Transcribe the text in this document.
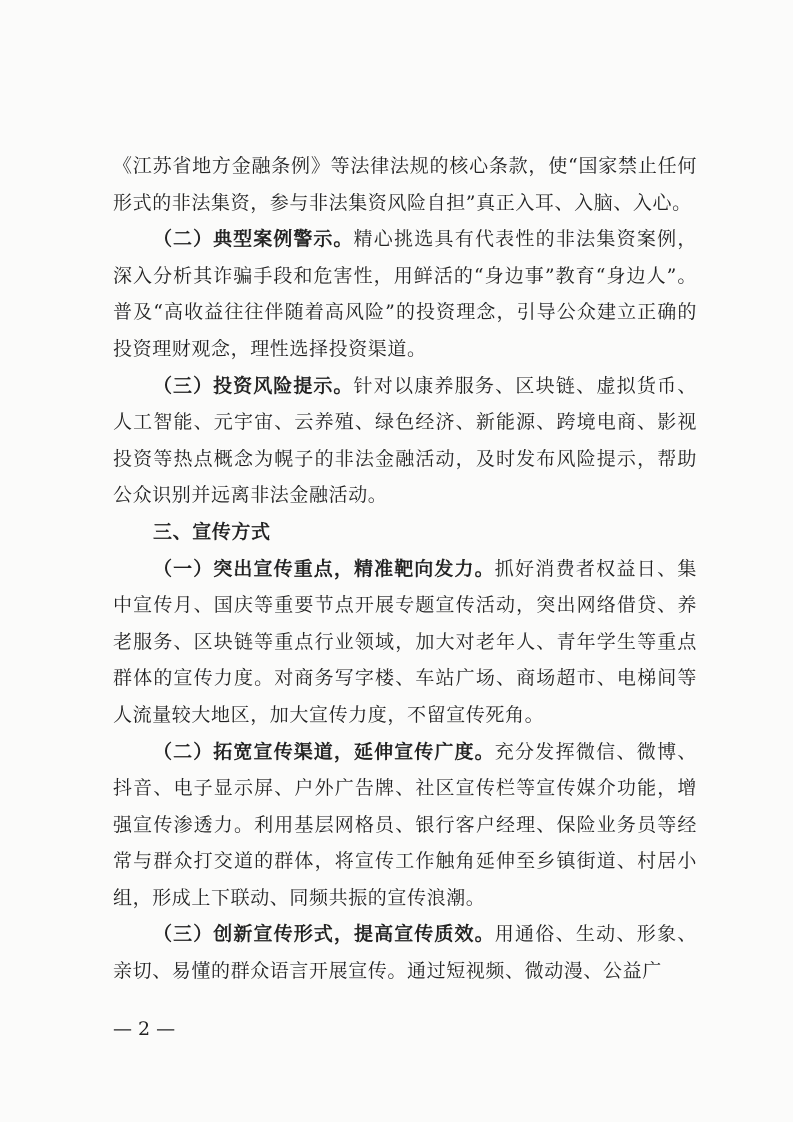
《江苏省地方金融条例》等法律法规的核心条款，使“国家禁止任何形式的非法集资，参与非法集资风险自担”真正入耳、入脑、入心。

（二）典型案例警示。精心挑选具有代表性的非法集资案例，深入分析其诈骗手段和危害性，用鲜活的“身边事”教育“身边人”。普及“高收益往往伴随着高风险”的投资理念，引导公众建立正确的投资理财观念，理性选择投资渠道。

（三）投资风险提示。针对以康养服务、区块链、虚拟货币、人工智能、元宇宙、云养殖、绿色经济、新能源、跨境电商、影视投资等热点概念为幌子的非法金融活动，及时发布风险提示，帮助公众识别并远离非法金融活动。

三、宣传方式

（一）突出宣传重点，精准靶向发力。抓好消费者权益日、集中宣传月、国庆等重要节点开展专题宣传活动，突出网络借贷、养老服务、区块链等重点行业领域，加大对老年人、青年学生等重点群体的宣传力度。对商务写字楼、车站广场、商场超市、电梯间等人流量较大地区，加大宣传力度，不留宣传死角。

（二）拓宽宣传渠道，延伸宣传广度。充分发挥微信、微博、抖音、电子显示屏、户外广告牌、社区宣传栏等宣传媒介功能，增强宣传渗透力。利用基层网格员、银行客户经理、保险业务员等经常与群众打交道的群体，将宣传工作触角延伸至乡镇街道、村居小组，形成上下联动、同频共振的宣传浪潮。

（三）创新宣传形式，提高宣传质效。用通俗、生动、形象、亲切、易懂的群众语言开展宣传。通过短视频、微动漫、公益广

— 2 —
